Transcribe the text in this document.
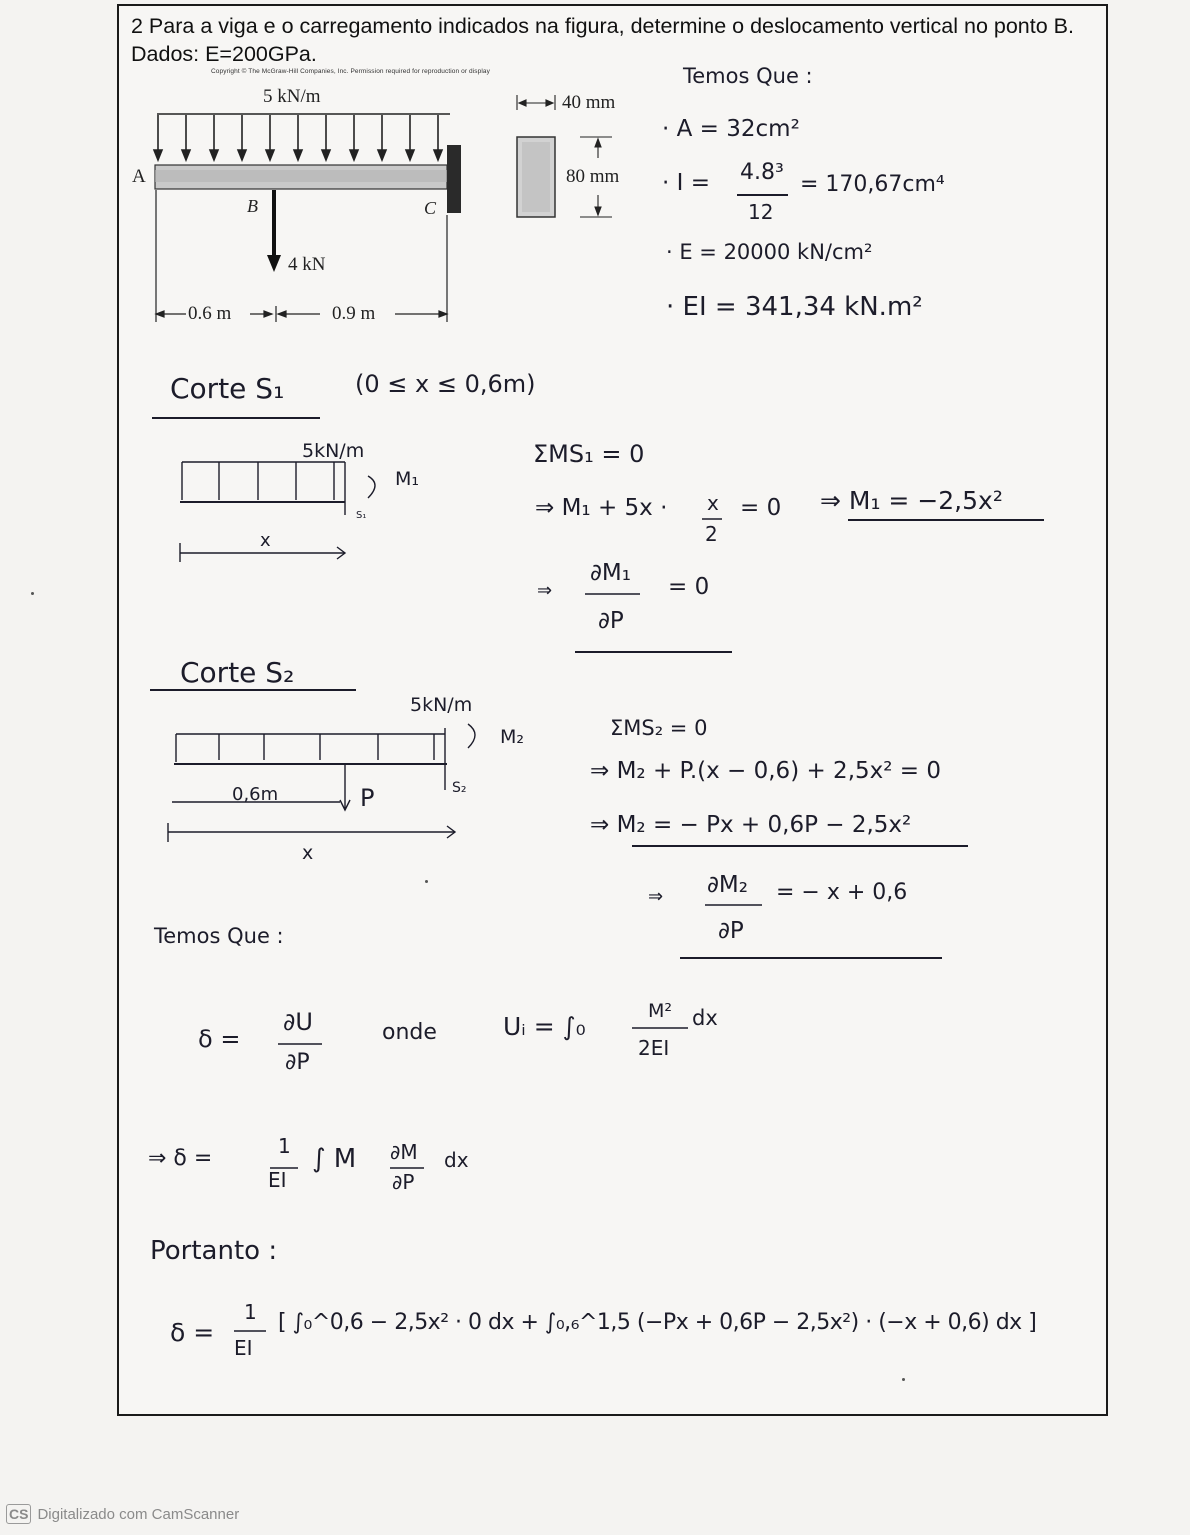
2 Para a viga e o carregamento indicados na figura, determine o deslocamento vertical no ponto B. Dados: E=200GPa.
Copyright © The McGraw-Hill Companies, Inc. Permission required for reproduction or display
5 kN/m
A
B	C
4 kN
0.6 m	0.9 m
40 mm
80 mm
Temos Que :
· A = 32cm²
· I = 4.8³
12
= 170,67cm⁴
· E = 20000 kN/cm²
· EI = 341,34 kN.m²
Corte S₁	(0 ≤ x ≤ 0,6m)
5kN/m
M₁
S₁
x
ΣMS₁ = 0
⇒ M₁ + 5x · x
2
= 0 ⇒ M₁ = −2,5x²
⇒
∂M₁
∂P
= 0
Corte S₂
5kN/m
M₂
S₂
0,6m	P
x
ΣMS₂ = 0
⇒ M₂ + P.(x − 0,6) + 2,5x² = 0
⇒ M₂ = − Px + 0,6P − 2,5x²
⇒ ∂M₂
∂P
= − x + 0,6
Temos Que :
δ =
∂U
∂P
onde	Uᵢ = ∫₀
M²
2EI
dx
⇒ δ =	1
EI
∫ M ∂M
∂P
dx
Portanto :
δ =
1
EI
[ ∫₀^0,6 − 2,5x² · 0 dx + ∫₀,₆^1,5 (−Px + 0,6P − 2,5x²) · (−x + 0,6) dx ]
CS Digitalizado com CamScanner
